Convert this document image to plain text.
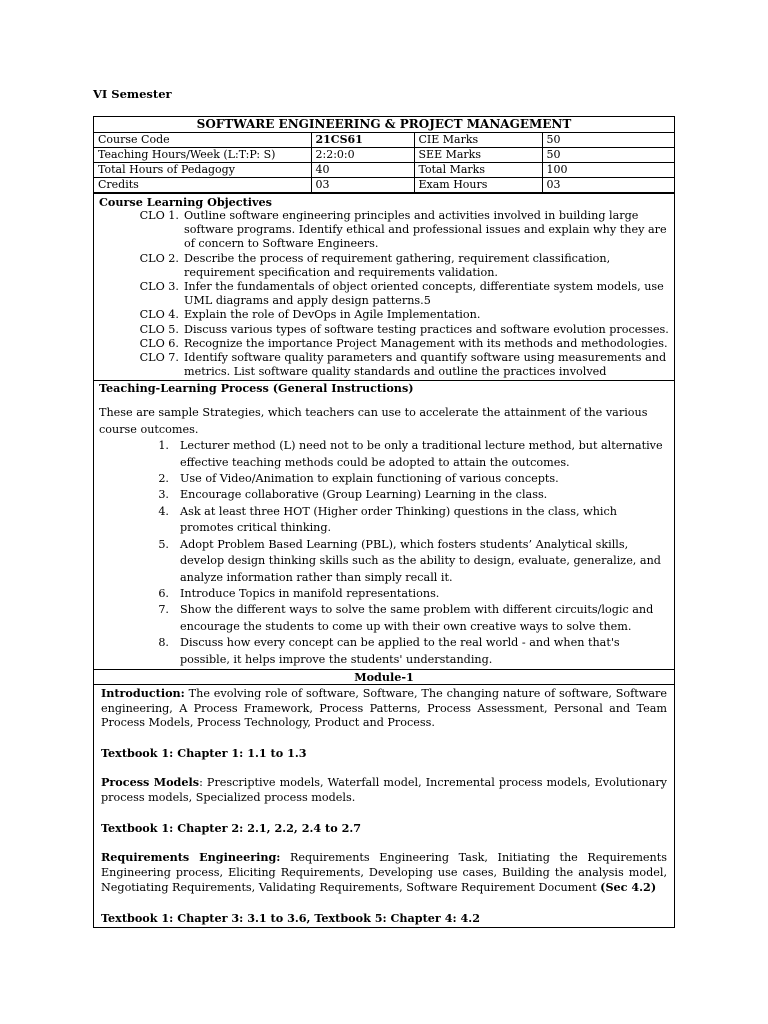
VI Semester
SOFTWARE ENGINEERING & PROJECT MANAGEMENT
Course Code	21CS61	CIE Marks	50
Teaching Hours/Week (L:T:P: S)	2:2:0:0	SEE Marks	50
Total Hours of Pedagogy	40	Total Marks	100
Credits	03	Exam Hours	03
Course Learning Objectives
CLO 1. Outline software engineering principles and activities involved in building large software programs. Identify ethical and professional issues and explain why they are of concern to Software Engineers.
CLO 2. Describe the process of requirement gathering, requirement classification, requirement specification and requirements validation.
CLO 3. Infer the fundamentals of object oriented concepts, differentiate system models, use UML diagrams and apply design patterns.5
CLO 4. Explain the role of DevOps in Agile Implementation.
CLO 5. Discuss various types of software testing practices and software evolution processes.
CLO 6. Recognize the importance Project Management with its methods and methodologies.
CLO 7. Identify software quality parameters and quantify software using measurements and metrics. List software quality standards and outline the practices involved
Teaching-Learning Process (General Instructions)
These are sample Strategies, which teachers can use to accelerate the attainment of the various course outcomes.
1. Lecturer method (L) need not to be only a traditional lecture method, but alternative effective teaching methods could be adopted to attain the outcomes.
2. Use of Video/Animation to explain functioning of various concepts.
3. Encourage collaborative (Group Learning) Learning in the class.
4. Ask at least three HOT (Higher order Thinking) questions in the class, which promotes critical thinking.
5. Adopt Problem Based Learning (PBL), which fosters students’ Analytical skills, develop design thinking skills such as the ability to design, evaluate, generalize, and analyze information rather than simply recall it.
6. Introduce Topics in manifold representations.
7. Show the different ways to solve the same problem with different circuits/logic and encourage the students to come up with their own creative ways to solve them.
8. Discuss how every concept can be applied to the real world - and when that's possible, it helps improve the students' understanding.
Module-1

Introduction: The evolving role of software, Software, The changing nature of software, Software engineering, A Process Framework, Process Patterns, Process Assessment, Personal and Team Process Models, Process Technology, Product and Process.

Textbook 1: Chapter 1: 1.1 to 1.3

Process Models: Prescriptive models, Waterfall model, Incremental process models, Evolutionary process models, Specialized process models.

Textbook 1: Chapter 2: 2.1, 2.2, 2.4 to 2.7

Requirements Engineering: Requirements Engineering Task, Initiating the Requirements Engineering process, Eliciting Requirements, Developing use cases, Building the analysis model, Negotiating Requirements, Validating Requirements, Software Requirement Document (Sec 4.2)

Textbook 1: Chapter 3: 3.1 to 3.6, Textbook 5: Chapter 4: 4.2
